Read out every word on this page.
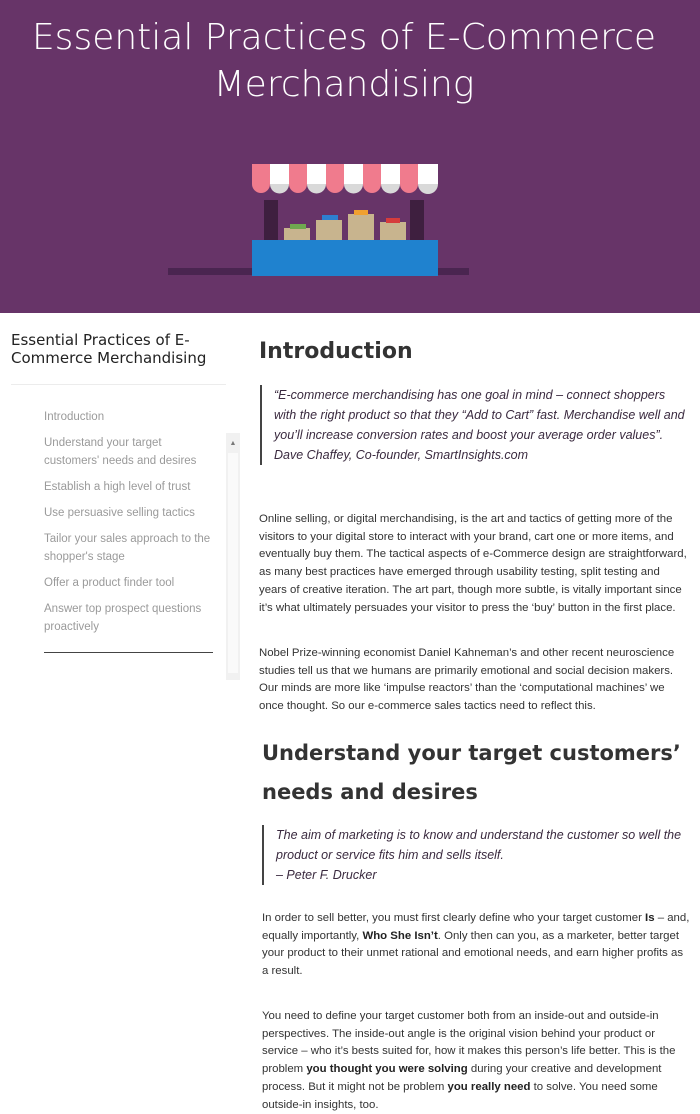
Essential Practices of E-Commerce Merchandising
Essential Practices of E-Commerce Merchandising
Introduction
Understand your target customers' needs and desires
Establish a high level of trust
Use persuasive selling tactics
Tailor your sales approach to the shopper's stage
Offer a product finder tool
Answer top prospect questions proactively
▲
Introduction
“E-commerce merchandising has one goal in mind – connect shoppers with the right product so that they “Add to Cart” fast. Merchandise well and you’ll increase conversion rates and boost your average order values”.
Dave Chaffey, Co-founder, SmartInsights.com

Online selling, or digital merchandising, is the art and tactics of getting more of the visitors to your digital store to interact with your brand, cart one or more items, and eventually buy them. The tactical aspects of e-Commerce design are straightforward, as many best practices have emerged through usability testing, split testing and years of creative iteration. The art part, though more subtle, is vitally important since it’s what ultimately persuades your visitor to press the ‘buy’ button in the first place.

Nobel Prize-winning economist Daniel Kahneman’s and other recent neuroscience studies tell us that we humans are primarily emotional and social decision makers. Our minds are more like ‘impulse reactors’ than the ‘computational machines’ we once thought. So our e-commerce sales tactics need to reflect this.

Understand your target customers’ needs and desires
The aim of marketing is to know and understand the customer so well the product or service fits him and sells itself.
– Peter F. Drucker

In order to sell better, you must first clearly define who your target customer Is – and, equally importantly, Who She Isn’t. Only then can you, as a marketer, better target your product to their unmet rational and emotional needs, and earn higher profits as a result.

You need to define your target customer both from an inside-out and outside-in perspectives. The inside-out angle is the original vision behind your product or service – who it’s bests suited for, how it makes this person’s life better. This is the problem you thought you were solving during your creative and development process. But it might not be problem you really need to solve. You need some outside-in insights, too.
